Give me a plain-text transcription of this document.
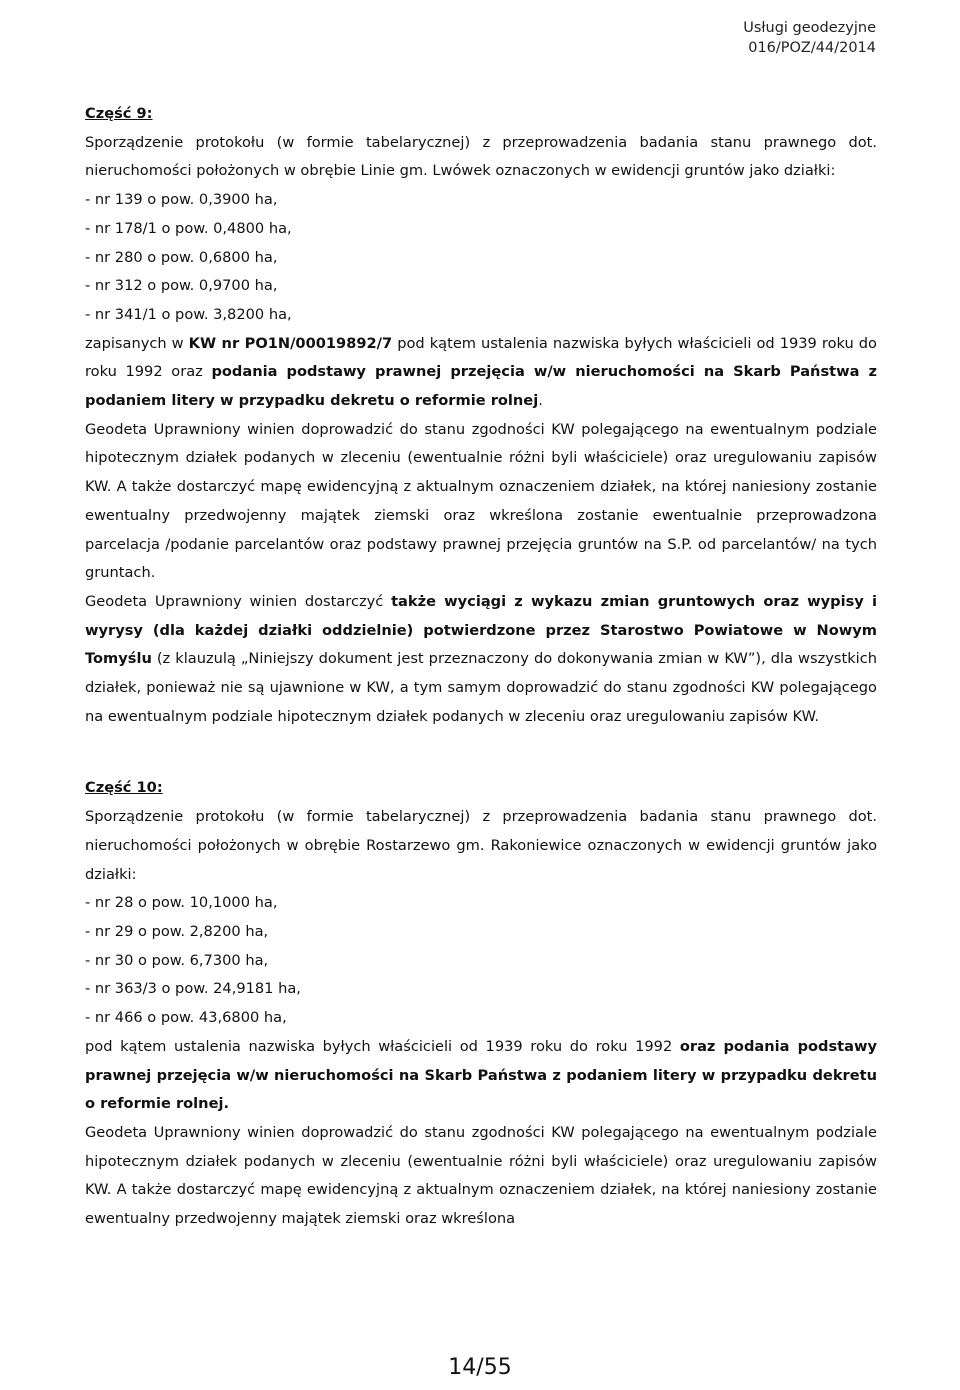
Usługi geodezyjne
016/POZ/44/2014

Część 9:

Sporządzenie protokołu (w formie tabelarycznej) z przeprowadzenia badania stanu prawnego dot. nieruchomości położonych w obrębie Linie gm. Lwówek oznaczonych w ewidencji gruntów jako działki:

- nr 139 o pow. 0,3900 ha,

- nr 178/1 o pow. 0,4800 ha,

- nr 280 o pow. 0,6800 ha,

- nr 312 o pow. 0,9700 ha,

- nr 341/1 o pow. 3,8200 ha,

zapisanych w KW nr PO1N/00019892/7 pod kątem ustalenia nazwiska byłych właścicieli od 1939 roku do roku 1992 oraz podania podstawy prawnej przejęcia w/w nieruchomości na Skarb Państwa z podaniem litery w przypadku dekretu o reformie rolnej.

Geodeta Uprawniony winien doprowadzić do stanu zgodności KW polegającego na ewentualnym podziale hipotecznym działek podanych w zleceniu (ewentualnie różni byli właściciele) oraz uregulowaniu zapisów KW. A także dostarczyć mapę ewidencyjną z aktualnym oznaczeniem działek, na której naniesiony zostanie ewentualny przedwojenny majątek ziemski oraz wkreślona zostanie ewentualnie przeprowadzona parcelacja /podanie parcelantów oraz podstawy prawnej przejęcia gruntów na S.P. od parcelantów/ na tych gruntach.

Geodeta Uprawniony winien dostarczyć także wyciągi z wykazu zmian gruntowych oraz wypisy i wyrysy (dla każdej działki oddzielnie) potwierdzone przez Starostwo Powiatowe w Nowym Tomyślu (z klauzulą „Niniejszy dokument jest przeznaczony do dokonywania zmian w KW”), dla wszystkich działek, ponieważ nie są ujawnione w KW, a tym samym doprowadzić do stanu zgodności KW polegającego na ewentualnym podziale hipotecznym działek podanych w zleceniu oraz uregulowaniu zapisów KW.

Część 10:

Sporządzenie protokołu (w formie tabelarycznej) z przeprowadzenia badania stanu prawnego dot. nieruchomości położonych w obrębie Rostarzewo gm. Rakoniewice oznaczonych w ewidencji gruntów jako działki:

- nr 28 o pow. 10,1000 ha,

- nr 29 o pow. 2,8200 ha,

- nr 30 o pow. 6,7300 ha,

- nr 363/3 o pow. 24,9181 ha,

- nr 466 o pow. 43,6800 ha,

pod kątem ustalenia nazwiska byłych właścicieli od 1939 roku do roku 1992 oraz podania podstawy prawnej przejęcia w/w nieruchomości na Skarb Państwa z podaniem litery w przypadku dekretu o reformie rolnej.

Geodeta Uprawniony winien doprowadzić do stanu zgodności KW polegającego na ewentualnym podziale hipotecznym działek podanych w zleceniu (ewentualnie różni byli właściciele) oraz uregulowaniu zapisów KW. A także dostarczyć mapę ewidencyjną z aktualnym oznaczeniem działek, na której naniesiony zostanie ewentualny przedwojenny majątek ziemski oraz wkreślona

14/55
